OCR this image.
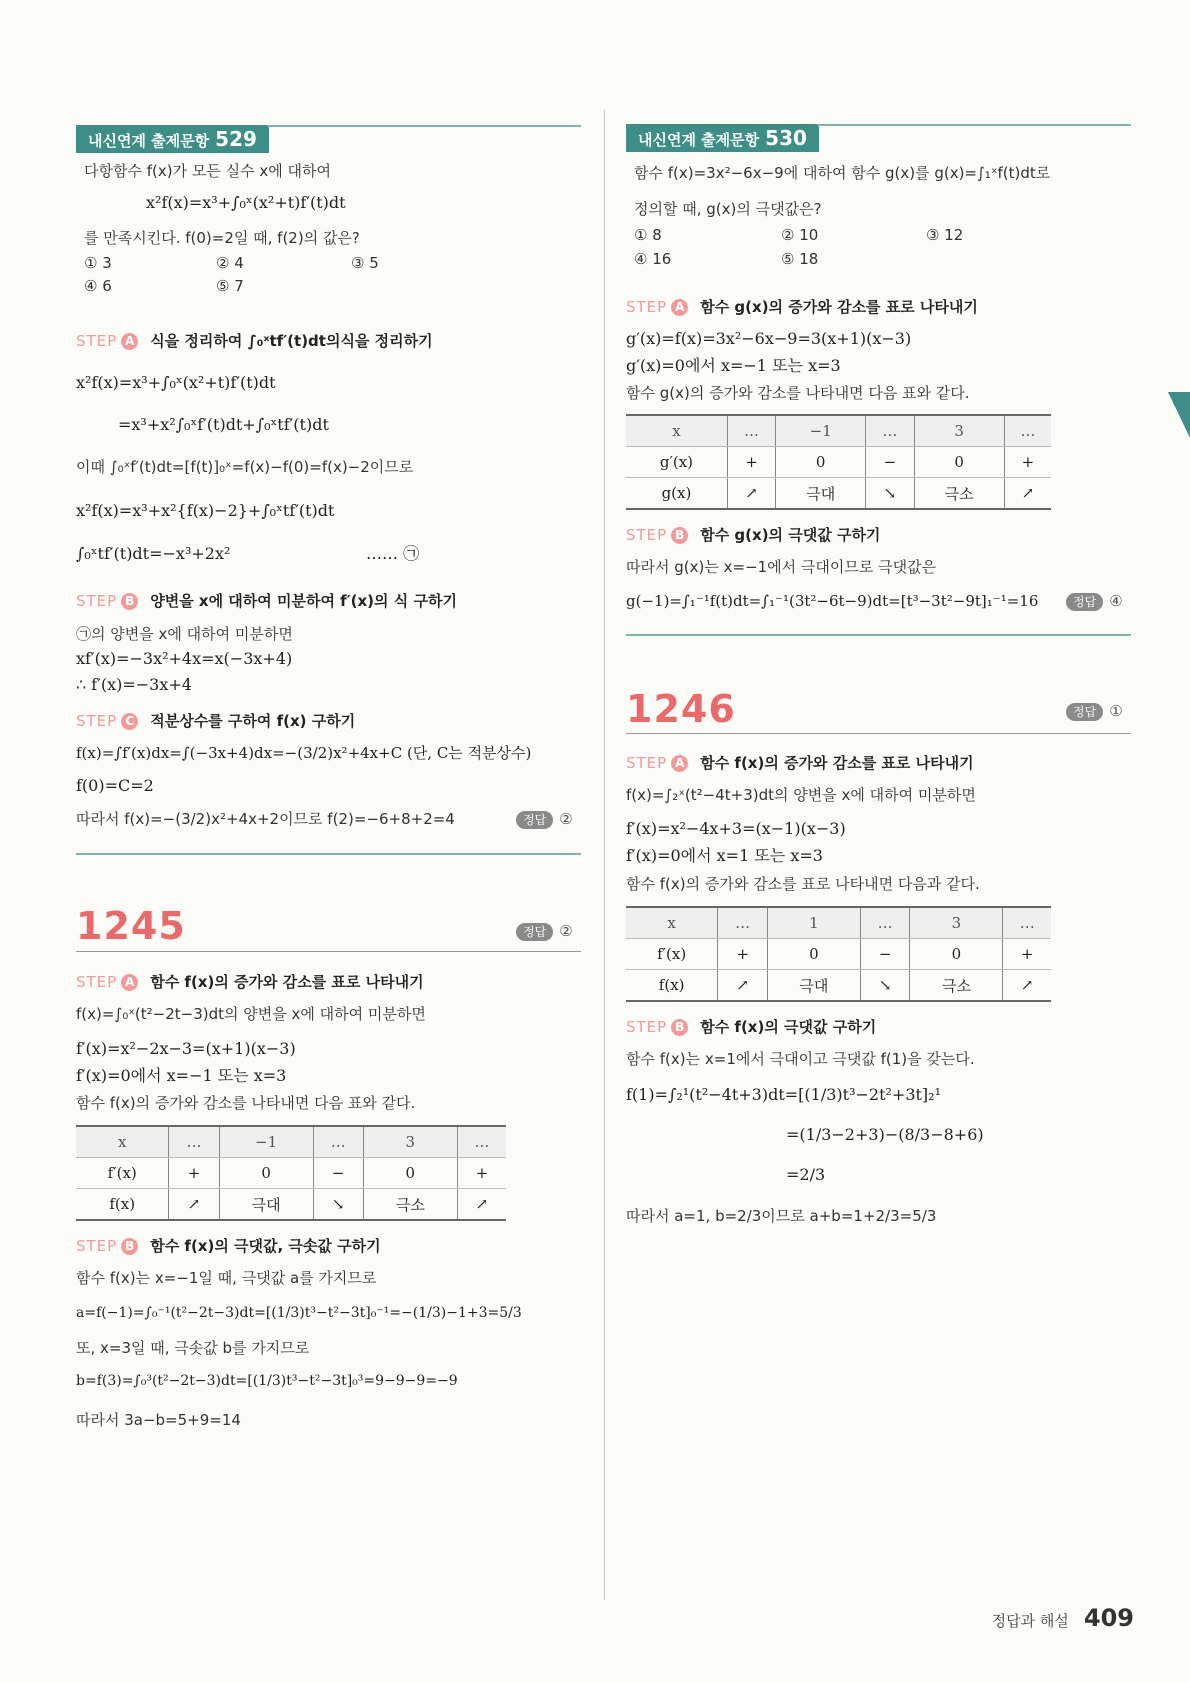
내신연계 출제문항 529
다항함수 f(x)가 모든 실수 x에 대하여
x²f(x)=x³+∫₀ˣ(x²+t)f′(t)dt
를 만족시킨다. f(0)=2일 때, f(2)의 값은?
① 3	② 4	③ 5
④ 6	⑤ 7
STEP A 식을 정리하여 ∫₀ˣtf′(t)dt의식을 정리하기
x²f(x)=x³+∫₀ˣ(x²+t)f′(t)dt
=x³+x²∫₀ˣf′(t)dt+∫₀ˣtf′(t)dt
이때 ∫₀ˣf′(t)dt=[f(t)]₀ˣ=f(x)−f(0)=f(x)−2이므로
x²f(x)=x³+x²{f(x)−2}+∫₀ˣtf′(t)dt
∫₀ˣtf′(t)dt=−x³+2x²	…… ㉠
STEP B 양변을 x에 대하여 미분하여 f′(x)의 식 구하기
㉠의 양변을 x에 대하여 미분하면
xf′(x)=−3x²+4x=x(−3x+4)
∴ f′(x)=−3x+4
STEP C 적분상수를 구하여 f(x) 구하기
f(x)=∫f′(x)dx=∫(−3x+4)dx=−(3/2)x²+4x+C (단, C는 적분상수)
f(0)=C=2
따라서 f(x)=−(3/2)x²+4x+2이므로 f(2)=−6+8+2=4	정답 ②
1245	정답 ②
STEP A 함수 f(x)의 증가와 감소를 표로 나타내기
f(x)=∫₀ˣ(t²−2t−3)dt의 양변을 x에 대하여 미분하면
f′(x)=x²−2x−3=(x+1)(x−3)
f′(x)=0에서 x=−1 또는 x=3
함수 f(x)의 증가와 감소를 나타내면 다음 표와 같다.
x	…	−1	…	3	…
f′(x)	+	0	−	0	+
f(x)	↗	극대	↘	극소	↗
STEP B 함수 f(x)의 극댓값, 극솟값 구하기
함수 f(x)는 x=−1일 때, 극댓값 a를 가지므로
a=f(−1)=∫₀⁻¹(t²−2t−3)dt=[(1/3)t³−t²−3t]₀⁻¹=−(1/3)−1+3=5/3
또, x=3일 때, 극솟값 b를 가지므로
b=f(3)=∫₀³(t²−2t−3)dt=[(1/3)t³−t²−3t]₀³=9−9−9=−9
따라서 3a−b=5+9=14
내신연계 출제문항 530
함수 f(x)=3x²−6x−9에 대하여 함수 g(x)를 g(x)=∫₁ˣf(t)dt로
정의할 때, g(x)의 극댓값은?
① 8	② 10	③ 12
④ 16	⑤ 18
STEP A 함수 g(x)의 증가와 감소를 표로 나타내기
g′(x)=f(x)=3x²−6x−9=3(x+1)(x−3)
g′(x)=0에서 x=−1 또는 x=3
함수 g(x)의 증가와 감소를 나타내면 다음 표와 같다.
x	…	−1	…	3	…
g′(x)	+	0	−	0	+
g(x)	↗	극대	↘	극소	↗
STEP B 함수 g(x)의 극댓값 구하기
따라서 g(x)는 x=−1에서 극대이므로 극댓값은
g(−1)=∫₁⁻¹f(t)dt=∫₁⁻¹(3t²−6t−9)dt=[t³−3t²−9t]₁⁻¹=16	정답 ④
1246	정답 ①
STEP A 함수 f(x)의 증가와 감소를 표로 나타내기
f(x)=∫₂ˣ(t²−4t+3)dt의 양변을 x에 대하여 미분하면
f′(x)=x²−4x+3=(x−1)(x−3)
f′(x)=0에서 x=1 또는 x=3
함수 f(x)의 증가와 감소를 표로 나타내면 다음과 같다.
x	…	1	…	3	…
f′(x)	+	0	−	0	+
f(x)	↗	극대	↘	극소	↗
STEP B 함수 f(x)의 극댓값 구하기
함수 f(x)는 x=1에서 극대이고 극댓값 f(1)을 갖는다.
f(1)=∫₂¹(t²−4t+3)dt=[(1/3)t³−2t²+3t]₂¹
=(1/3−2+3)−(8/3−8+6)
=2/3
따라서 a=1, b=2/3이므로 a+b=1+2/3=5/3
정답과 해설 409
